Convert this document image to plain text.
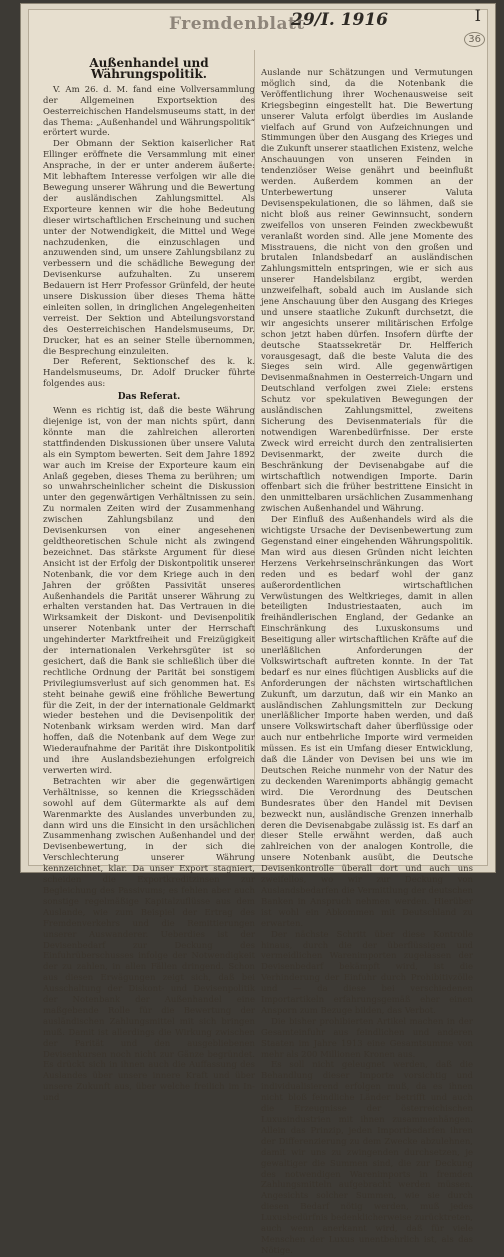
Fremdenblatt
29/I. 1916	I
36
Außenhandel und Währungspolitik.

V. Am 26. d. M. fand eine Vollversammlung der Allgemeinen Exportsektion des Oesterreichischen Handelsmuseums statt, in der das Thema: „Außenhandel und Währungspolitik“ erörtert wurde.

Der Obmann der Sektion kaiserlicher Rat Ellinger eröffnete die Versammlung mit einer Ansprache, in der er unter anderem äußerte: Mit lebhaftem Interesse verfolgen wir alle die Bewegung unserer Währung und die Bewertung der ausländischen Zahlungsmittel. Als Exporteure kennen wir die hohe Bedeutung dieser wirtschaftlichen Erscheinung und suchen unter der Notwendigkeit, die Mittel und Wege nachzudenken, die einzuschlagen und anzuwenden sind, um unsere Zahlungsbilanz zu verbessern und die schädliche Bewegung der Devisenkurse aufzuhalten. Zu unserem Bedauern ist Herr Professor Grünfeld, der heute unsere Diskussion über dieses Thema hätte einleiten sollen, in dringlichen Angelegenheiten verreist. Der Sektion und Abteilungsvorstand des Oesterreichischen Handelsmuseums, Dr. Drucker, hat es an seiner Stelle übernommen, die Besprechung einzuleiten.

Der Referent, Sektionschef des k. k. Handelsmuseums, Dr. Adolf Drucker führte folgendes aus:

Das Referat.

Wenn es richtig ist, daß die beste Währung diejenige ist, von der man nichts spürt, dann könnte man die zahlreichen allerorten stattfindenden Diskussionen über unsere Valuta als ein Symptom bewerten. Seit dem Jahre 1892 war auch im Kreise der Exporteure kaum ein Anlaß gegeben, dieses Thema zu berühren; um so unwahrscheinlicher scheint die Diskussion unter den gegenwärtigen Verhältnissen zu sein. Zu normalen Zeiten wird der Zusammenhang zwischen Zahlungsbilanz und den Devisenkursen von einer angesehenen geldtheoretischen Schule nicht als zwingend bezeichnet. Das stärkste Argument für diese Ansicht ist der Erfolg der Diskontpolitik unserer Notenbank, die vor dem Kriege auch in den Jahren der größten Passivität unseres Außenhandels die Parität unserer Währung zu erhalten verstanden hat. Das Vertrauen in die Wirksamkeit der Diskont- und Devisenpolitik unserer Notenbank unter der Herrschaft ungehinderter Marktfreiheit und Freizügigkeit der internationalen Verkehrsgüter ist so gesichert, daß die Bank sie schließlich über die rechtliche Ordnung der Parität bei sonstigem Privilegiumsverlust auf sich genommen hat. Es steht beinahe gewiß eine fröhliche Bewertung für die Zeit, in der der internationale Geldmarkt wieder bestehen und die Devisenpolitik der Notenbank wirksam werden wird. Man darf hoffen, daß die Notenbank auf dem Wege zur Wiederaufnahme der Parität ihre Diskontpolitik und ihre Auslandsbeziehungen erfolgreich verwerten wird.

Betrachten wir aber die gegenwärtigen Verhältnisse, so kennen die Kriegsschäden sowohl auf dem Gütermarkte als auf dem Warenmarkte des Auslandes unverbunden zu, dann wird uns die Einsicht in den ursächlichen Zusammenhang zwischen Außenhandel und der Devisenbewertung, in der sich die Verschlechterung unserer Währung kennzeichnet, klar. Da unser Export stagniert, scheiden die Exportkreditzinsen zur Begleichung des Passivums; es fehlen aber auch sonstige regelmäßige Kapitalzuflüsse aus dem Auslande, wie zum Beispiel der Ertrag des Fremdenverkehrs und die Remittierungen unserer Auswanderer. Ueberdies ist der Devisenbedarf zur Deckung des Einfuhrüberschusses infolge der Notwendigkeit der zu zahlen, in allen Fällen dringend. Schon aus diesen Erwägungen zeigt sich, daß bei Ausschaltung der Diskont- und Devisenpolitik der Notenbank der Außenhandel eine maßgebende Rolle für die Bewertung der ausländischen Zahlungsmittel mit sich bringen muß. Damit ist allerdings die Wirkung zwischen der Parität und den ausgebliebenen Devisenkursen noch nicht zur Gänze begründet. Es drückt sich in ihnen auch die Auffassung des Auslandes über unsere innere Kraft und über unsere Zukunft aus, über welche freilich im In- und

Auslande nur Schätzungen und Vermutungen möglich sind, da die Notenbank die Veröffentlichung ihrer Wochenausweise seit Kriegsbeginn eingestellt hat. Die Bewertung unserer Valuta erfolgt überdies im Auslande vielfach auf Grund von Aufzeichnungen und Stimmungen über den Ausgang des Krieges und die Zukunft unserer staatlichen Existenz, welche Anschauungen von unseren Feinden in tendenziöser Weise genährt und beeinflußt werden. Außerdem kommen an der Unterbewertung unserer Valuta Devisenspekulationen, die so lähmen, daß sie nicht bloß aus reiner Gewinnsucht, sondern zweifellos von unseren Feinden zweckbewußt veranlaßt worden sind. Alle jene Momente des Misstrauens, die nicht von den großen und brutalen Inlandsbedarf an ausländischen Zahlungsmitteln entspringen, wie er sich aus unserer Handelsbilanz ergibt, werden unzweifelhaft, sobald auch im Auslande sich jene Anschauung über den Ausgang des Krieges und unsere staatliche Zukunft durchsetzt, die wir angesichts unserer militärischen Erfolge schon jetzt haben dürfen. Insofern dürfte der deutsche Staatssekretär Dr. Helfferich vorausgesagt, daß die beste Valuta die des Sieges sein wird. Alle gegenwärtigen Devisenmaßnahmen in Oesterreich-Ungarn und Deutschland verfolgen zwei Ziele: erstens Schutz vor spekulativen Bewegungen der ausländischen Zahlungsmittel, zweitens Sicherung des Devisenmaterials für die notwendigen Warenbedürfnisse. Der erste Zweck wird erreicht durch den zentralisierten Devisenmarkt, der zweite durch die Beschränkung der Devisenabgabe auf die wirtschaftlich notwendigen Importe. Darin offenbart sich die früher bestrittene Einsicht in den unmittelbaren ursächlichen Zusammenhang zwischen Außenhandel und Währung.

Der Einfluß des Außenhandels wird als die wichtigste Ursache der Devisenbewertung zum Gegenstand einer eingehenden Währungspolitik. Man wird aus diesen Gründen nicht leichten Herzens Verkehrseinschränkungen das Wort reden und es bedarf wohl der ganz außerordentlichen wirtschaftlichen Verwüstungen des Weltkrieges, damit in allen beteiligten Industriestaaten, auch im freihändlerischen England, der Gedanke an Einschränkung des Luxuskonsums und Beseitigung aller wirtschaftlichen Kräfte auf die unerläßlichen Anforderungen der Volkswirtschaft auftreten konnte. In der Tat bedarf es nur eines flüchtigen Ausblicks auf die Anforderungen der nächsten wirtschaftlichen Zukunft, um darzutun, daß wir ein Manko an ausländischen Zahlungsmitteln zur Deckung unerläßlicher Importe haben werden, und daß unsere Volkswirtschaft daher überflüssige oder auch nur entbehrliche Importe wird vermeiden müssen. Es ist ein Umfang dieser Entwicklung, daß die Länder von Devisen bei uns wie im Deutschen Reiche nunmehr von der Natur des zu deckenden Warenimports abhängig gemacht wird. Die Verordnung des Deutschen Bundesrates über den Handel mit Devisen bezweckt nun, ausländische Grenzen innerhalb deren die Devisenabgabe zulässig ist. Es darf an dieser Stelle erwähnt werden, daß auch zahlreichen von der analogen Kontrolle, die unsere Notenbank ausübt, die Deutsche Devisenkontrolle überall dort und auch uns zweifellos, wo wir zur Deckung von Auslandsbedarfen die Vermittlung der deutschen Banken in Anspruch nehmen werden. Hierüber ist wohl ein Abkommen mit Deutschland zu erwarten.

Der nächste Schritt über diese Kontrolle hinaus, durch die der überflüssigen und vermeidlichen Warenimporten zugelassen der Devisenbedarf bekämpft wird, ist die Verhinderung der Einfuhr durch Prohibitivzölle und — da diese bei verschiedenen Importartikeln erfahrungsgemäß eher einen Ansporn zum Bezuge bilden, das Verbot.

Die bisher prohibierten Artikel machen in der Gesamteinfuhr aus feindlichen und anderen Staaten im Jahre 1913 eine Gesamtsumme von mehr als 200 Millionen Kronen aus.

Es soll nicht geleugnet werden, daß die Behandlung dieser Importe vorsichtig und individualisierend erfolgen muß, da es ihnen nicht bloß feindliche Länder betrifft und auch die Erzeugnisse der österreichischen Luxusindustrien mit ihnen zusammenhängen. Allein das Prinzip, jeden Importbedarfen ihren der Differenzierung zu dem Zwecke abzulehnen, damit wir uns zu zwingenden durchsetzen, je gewaltiger die Summen sind, die zur Deckung des notwendigen Warenimports in fremden Zahlungsmitteln aufgebracht werden müssen. Angesichts solcher Summen, wie sie durch diesen Bedarf nötig werden, muß jedes Luxusbedürfnis bedenklicherweise zurücktreten, auch wenn anerkannt wird, daß für viele Menschen der Luxus unentbehrlich ist, als das Nötige.
